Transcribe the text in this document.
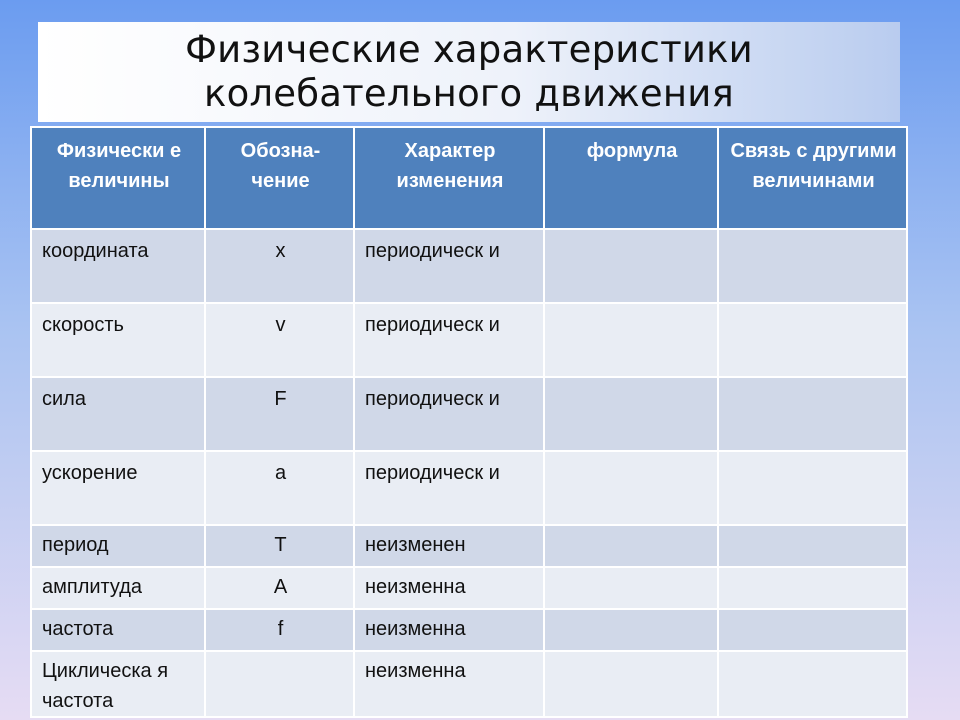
Физические характеристики
колебательного движения
Физически е величины	Обозна- чение	Характер изменения	формула	Связь с другими величинами
координата	x	периодическ и		
скорость	v	периодическ и		
сила	F	периодическ и		
ускорение	a	периодическ и		
период	T	неизменен		
амплитуда	A	неизменна		
частота	f	неизменна		
Циклическа я частота		неизменна		
